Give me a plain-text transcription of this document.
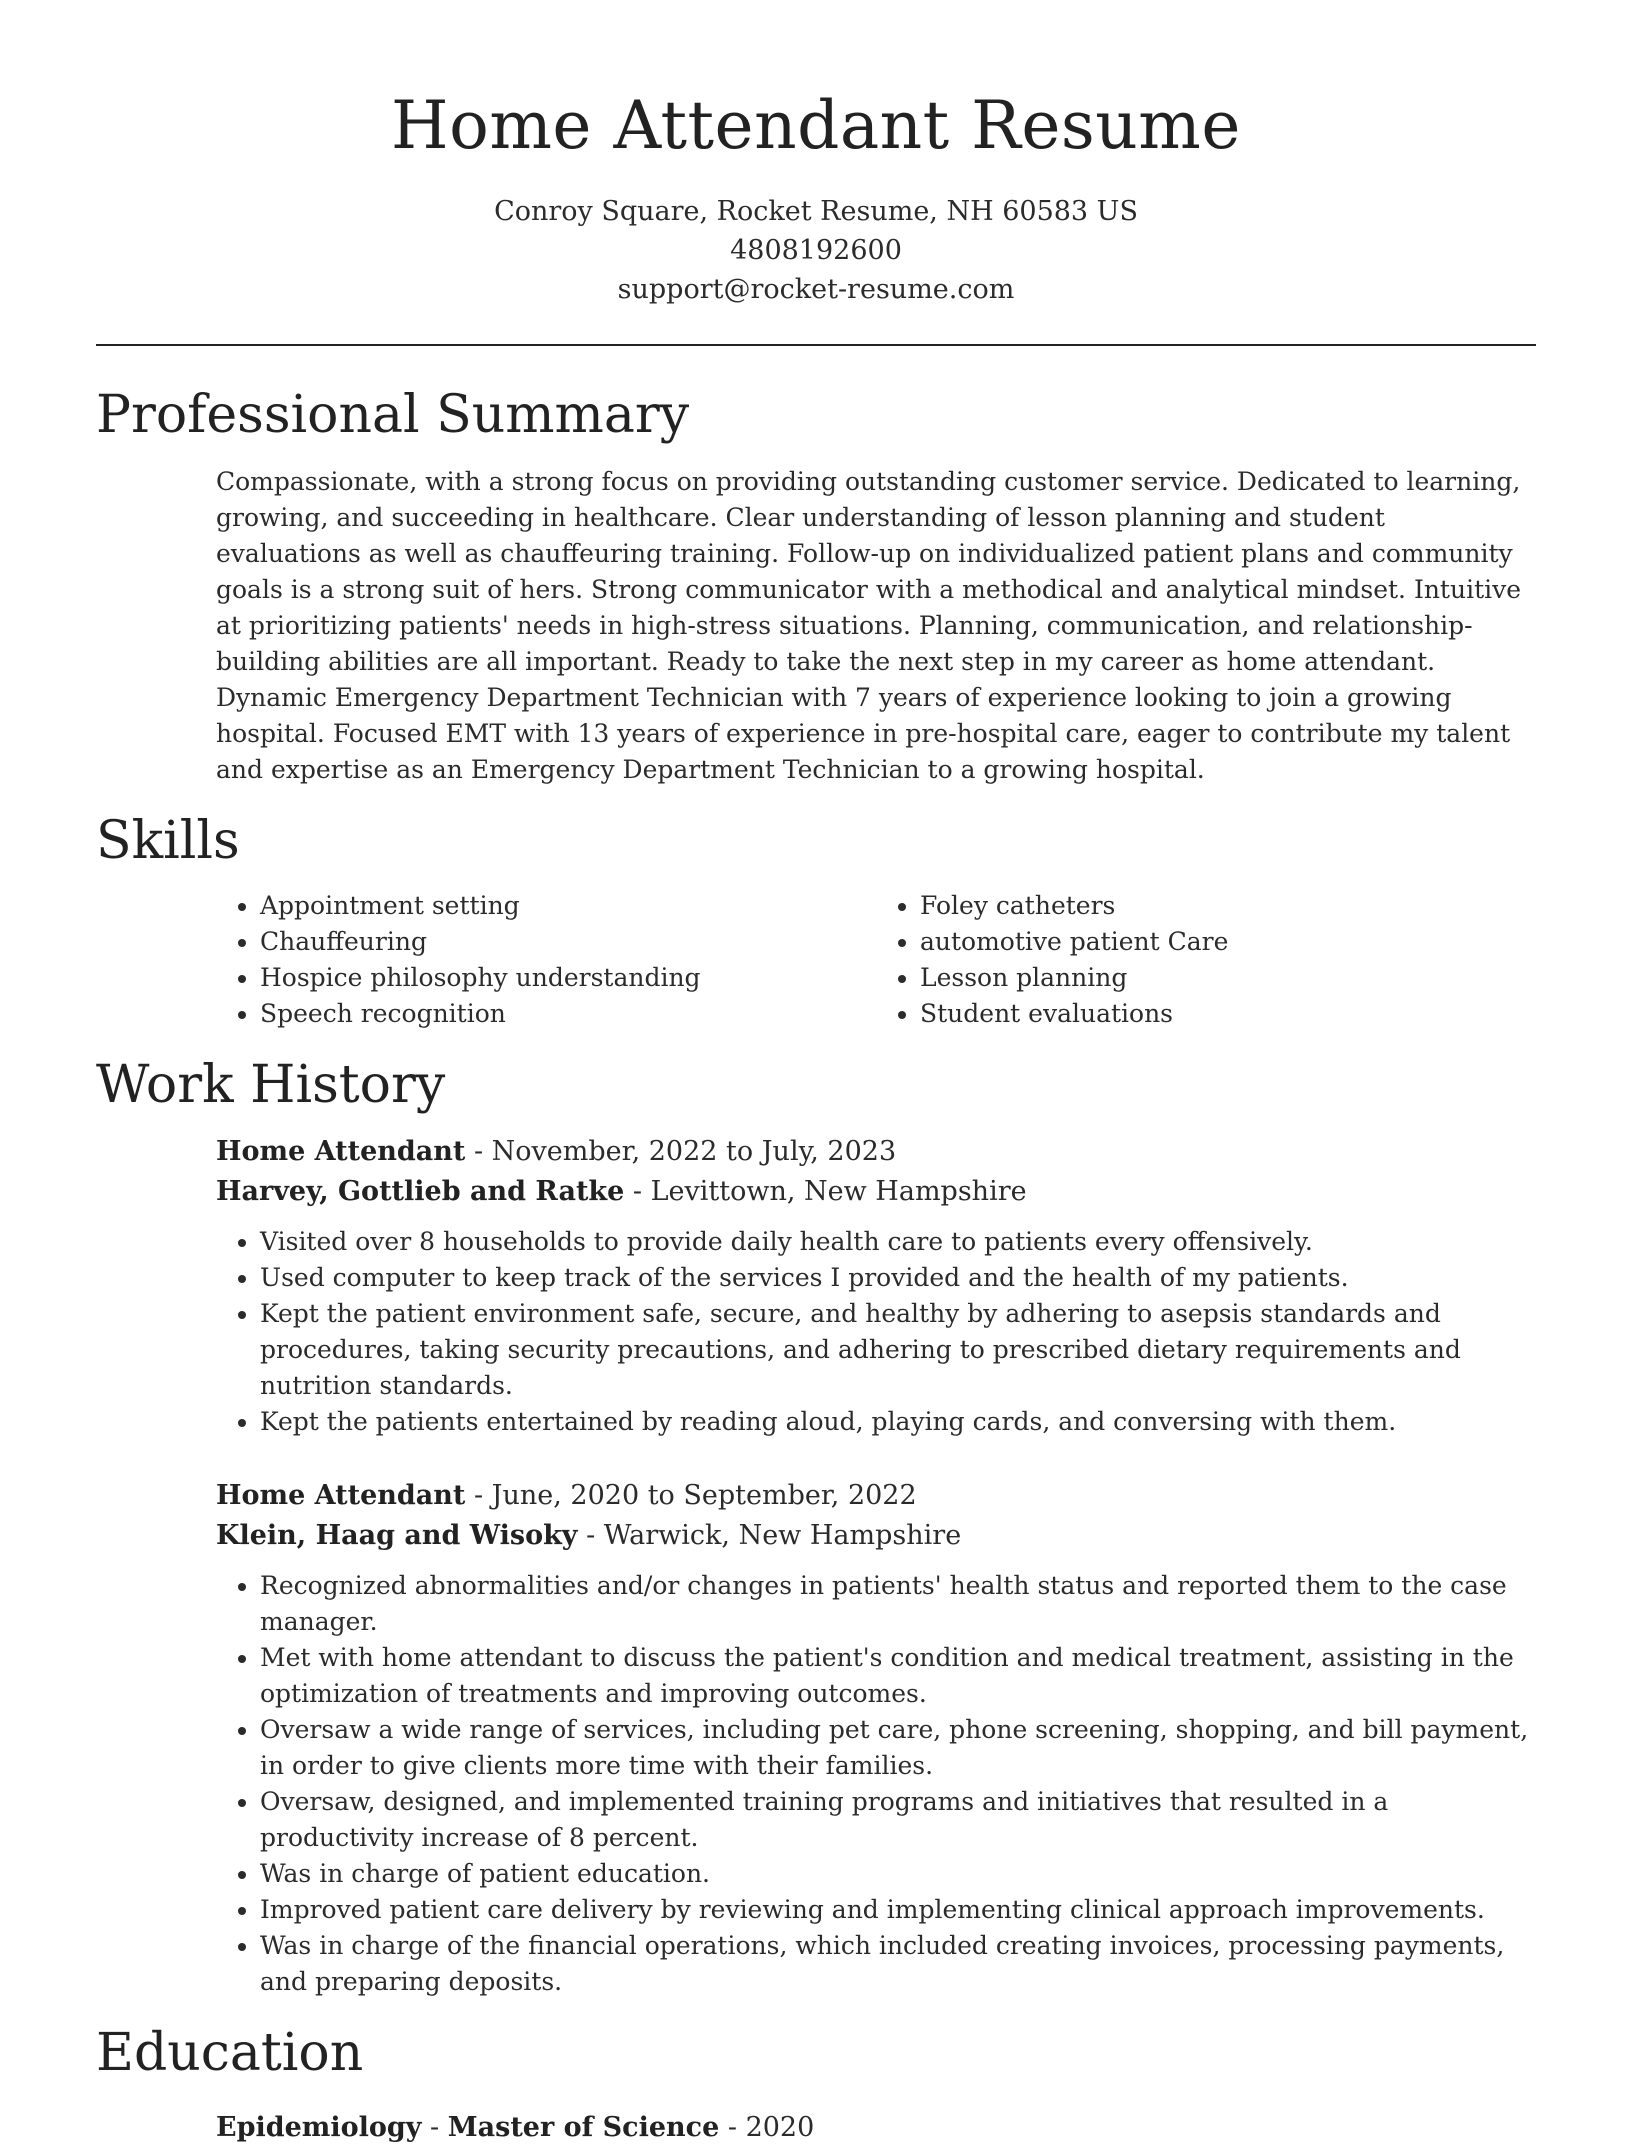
Home Attendant Resume
Conroy Square, Rocket Resume, NH 60583 US
4808192600
support@rocket-resume.com
Professional Summary
Compassionate, with a strong focus on providing outstanding customer service. Dedicated to learning, growing, and succeeding in healthcare. Clear understanding of lesson planning and student evaluations as well as chauffeuring training. Follow-up on individualized patient plans and community goals is a strong suit of hers. Strong communicator with a methodical and analytical mindset. Intuitive at prioritizing patients' needs in high-stress situations. Planning, communication, and relationship-building abilities are all important. Ready to take the next step in my career as home attendant. Dynamic Emergency Department Technician with 7 years of experience looking to join a growing hospital. Focused EMT with 13 years of experience in pre-hospital care, eager to contribute my talent and expertise as an Emergency Department Technician to a growing hospital.
Skills
• Appointment setting
• Chauffeuring
• Hospice philosophy understanding
• Speech recognition
• Foley catheters
• automotive patient Care
• Lesson planning
• Student evaluations
Work History
Home Attendant - November, 2022 to July, 2023
Harvey, Gottlieb and Ratke - Levittown, New Hampshire
• Visited over 8 households to provide daily health care to patients every offensively.
• Used computer to keep track of the services I provided and the health of my patients.
• Kept the patient environment safe, secure, and healthy by adhering to asepsis standards and procedures, taking security precautions, and adhering to prescribed dietary requirements and nutrition standards.
• Kept the patients entertained by reading aloud, playing cards, and conversing with them.
Home Attendant - June, 2020 to September, 2022
Klein, Haag and Wisoky - Warwick, New Hampshire
• Recognized abnormalities and/or changes in patients' health status and reported them to the case manager.
• Met with home attendant to discuss the patient's condition and medical treatment, assisting in the optimization of treatments and improving outcomes.
• Oversaw a wide range of services, including pet care, phone screening, shopping, and bill payment, in order to give clients more time with their families.
• Oversaw, designed, and implemented training programs and initiatives that resulted in a productivity increase of 8 percent.
• Was in charge of patient education.
• Improved patient care delivery by reviewing and implementing clinical approach improvements.
• Was in charge of the financial operations, which included creating invoices, processing payments, and preparing deposits.
Education
Epidemiology - Master of Science - 2020
